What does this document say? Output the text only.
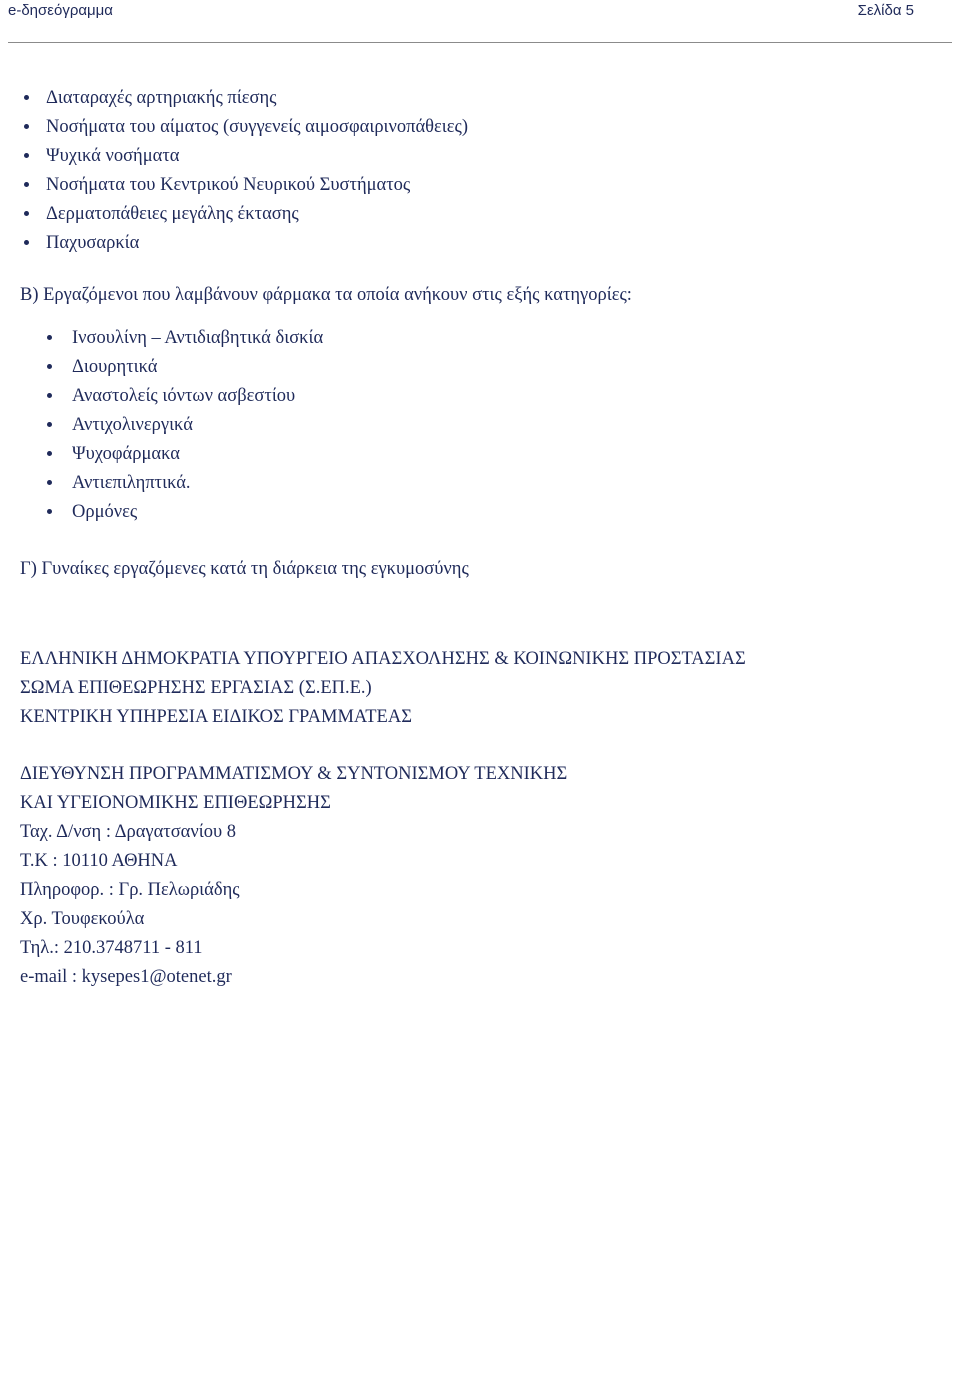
e-δησεόγραμμα	Σελίδα 5
Διαταραχές αρτηριακής πίεσης
Νοσήματα του αίματος (συγγενείς αιμοσφαιρινοπάθειες)
Ψυχικά νοσήματα
Νοσήματα του Κεντρικού Νευρικού Συστήματος
Δερματοπάθειες μεγάλης έκτασης
Παχυσαρκία
Β) Εργαζόμενοι που λαμβάνουν φάρμακα τα οποία ανήκουν στις εξής κατηγορίες:
Ινσουλίνη – Αντιδιαβητικά δισκία
Διουρητικά
Αναστολείς ιόντων ασβεστίου
Αντιχολινεργικά
Ψυχοφάρμακα
Αντιεπιληπτικά.
Ορμόνες
Γ) Γυναίκες εργαζόμενες κατά τη διάρκεια της εγκυμοσύνης
ΕΛΛΗΝΙΚΗ ΔΗΜΟΚΡΑΤΙΑ ΥΠΟΥΡΓΕΙΟ ΑΠΑΣΧΟΛΗΣΗΣ & ΚΟΙΝΩΝΙΚΗΣ ΠΡΟΣΤΑΣΙΑΣ
ΣΩΜΑ ΕΠΙΘΕΩΡΗΣΗΣ ΕΡΓΑΣΙΑΣ (Σ.ΕΠ.Ε.)
ΚΕΝΤΡΙΚΗ ΥΠΗΡΕΣΙΑ ΕΙΔΙΚΟΣ ΓΡΑΜΜΑΤΕΑΣ
ΔΙΕΥΘΥΝΣΗ ΠΡΟΓΡΑΜΜΑΤΙΣΜΟΥ & ΣΥΝΤΟΝΙΣΜΟΥ ΤΕΧΝΙΚΗΣ
ΚΑΙ ΥΓΕΙΟΝΟΜΙΚΗΣ ΕΠΙΘΕΩΡΗΣΗΣ
Ταχ. Δ/νση : Δραγατσανίου 8
Τ.Κ : 10110 ΑΘΗΝΑ
Πληροφορ. : Γρ. Πελωριάδης
Χρ. Τουφεκούλα
Τηλ.: 210.3748711 - 811
e-mail : kysepes1@otenet.gr
